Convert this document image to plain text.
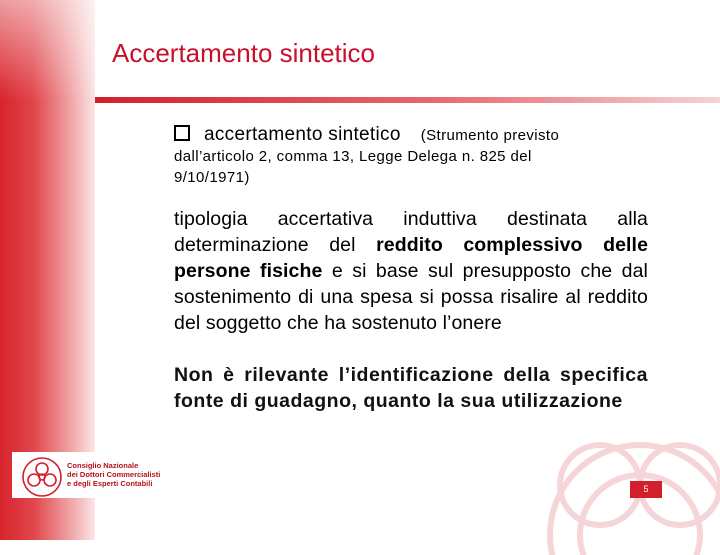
Accertamento sintetico
accertamento sintetico (Strumento previsto
dall’articolo 2, comma 13, Legge Delega n. 825 del
9/10/1971)

tipologia accertativa induttiva destinata alla determinazione del reddito complessivo delle persone fisiche e si base sul presupposto che dal sostenimento di una spesa si possa risalire al reddito del soggetto che ha sostenuto l’onere

Non è rilevante l’identificazione della specifica fonte di guadagno, quanto la sua utilizzazione

Consiglio Nazionale
dei Dottori Commercialisti
e degli Esperti Contabili
5
